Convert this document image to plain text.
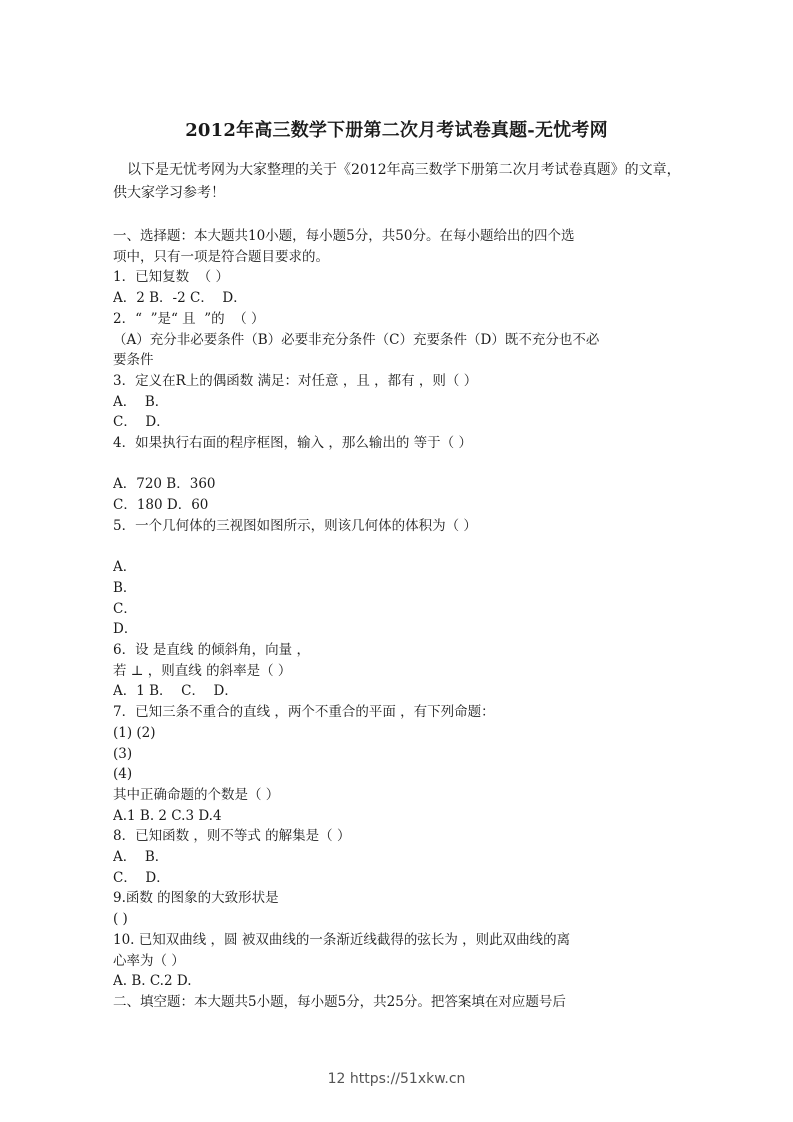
2012年高三数学下册第二次月考试卷真题-无忧考网
以下是无忧考网为大家整理的关于《2012年高三数学下册第二次月考试卷真题》的文章，供大家学习参考！
一、选择题：本大题共10小题，每小题5分，共50分。在每小题给出的四个选
项中，只有一项是符合题目要求的。
1．已知复数  （ ）
A．2 B．-2 C．  D．
2．“  ”是“ 且  ”的  （ ）
（A）充分非必要条件（B）必要非充分条件（C）充要条件（D）既不充分也不必
要条件
3．定义在R上的偶函数 满足：对任意 ，且 ，都有 ，则（ ）
A．  B．
C．  D．
4．如果执行右面的程序框图，输入 ，那么输出的 等于（ ）
A．720 B．360
C．180 D．60
5．一个几何体的三视图如图所示，则该几何体的体积为（ ）
A．
B．
C．
D．
6．设 是直线 的倾斜角，向量 ，
若 ⊥ ，则直线 的斜率是（ ）
A．1 B．  C．  D．
7．已知三条不重合的直线 ，两个不重合的平面 ，有下列命题：
(1) (2)
(3)
(4)
其中正确命题的个数是（ ）
A.1 B. 2 C.3 D.4
8．已知函数 ，则不等式 的解集是（ ）
A．  B．
C．  D．
9.函数 的图象的大致形状是
( )
10. 已知双曲线 ，圆 被双曲线的一条渐近线截得的弦长为 ，则此双曲线的离
心率为（ ）
A. B. C.2 D.
二、填空题：本大题共5小题，每小题5分，共25分。把答案填在对应题号后
12 https://51xkw.cn
